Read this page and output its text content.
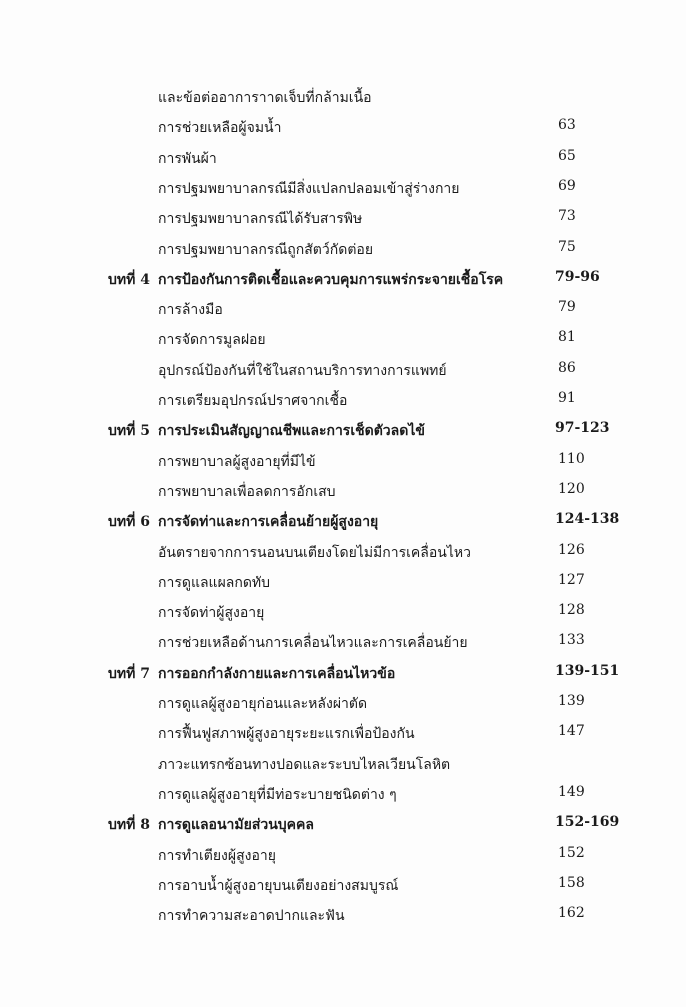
และข้อต่ออาการาาดเจ็บที่กล้ามเนื้อ
การช่วยเหลือผู้จมน้ำ	63
การพันผ้า	65
การปฐมพยาบาลกรณีมีสิ่งแปลกปลอมเข้าสู่ร่างกาย	69
การปฐมพยาบาลกรณีได้รับสารพิษ	73
การปฐมพยาบาลกรณีถูกสัตว์กัดต่อย	75
บทที่ 4 การป้องกันการติดเชื้อและควบคุมการแพร่กระจายเชื้อโรค	79-96
การล้างมือ	79
การจัดการมูลฝอย	81
อุปกรณ์ป้องกันที่ใช้ในสถานบริการทางการแพทย์	86
การเตรียมอุปกรณ์ปราศจากเชื้อ	91
บทที่ 5 การประเมินสัญญาณชีพและการเช็ดตัวลดไข้	97-123
การพยาบาลผู้สูงอายุที่มีไข้	110
การพยาบาลเพื่อลดการอักเสบ	120
บทที่ 6 การจัดท่าและการเคลื่อนย้ายผู้สูงอายุ	124-138
อันตรายจากการนอนบนเตียงโดยไม่มีการเคลื่อนไหว	126
การดูแลแผลกดทับ	127
การจัดท่าผู้สูงอายุ	128
การช่วยเหลือด้านการเคลื่อนไหวและการเคลื่อนย้าย	133
บทที่ 7 การออกกำลังกายและการเคลื่อนไหวข้อ	139-151
การดูแลผู้สูงอายุก่อนและหลังผ่าตัด	139
การฟื้นฟูสภาพผู้สูงอายุระยะแรกเพื่อป้องกัน	147
ภาวะแทรกซ้อนทางปอดและระบบไหลเวียนโลหิต
การดูแลผู้สูงอายุที่มีท่อระบายชนิดต่าง ๆ	149
บทที่ 8 การดูแลอนามัยส่วนบุคคล	152-169
การทำเตียงผู้สูงอายุ	152
การอาบน้ำผู้สูงอายุบนเตียงอย่างสมบูรณ์	158
การทำความสะอาดปากและฟัน	162
